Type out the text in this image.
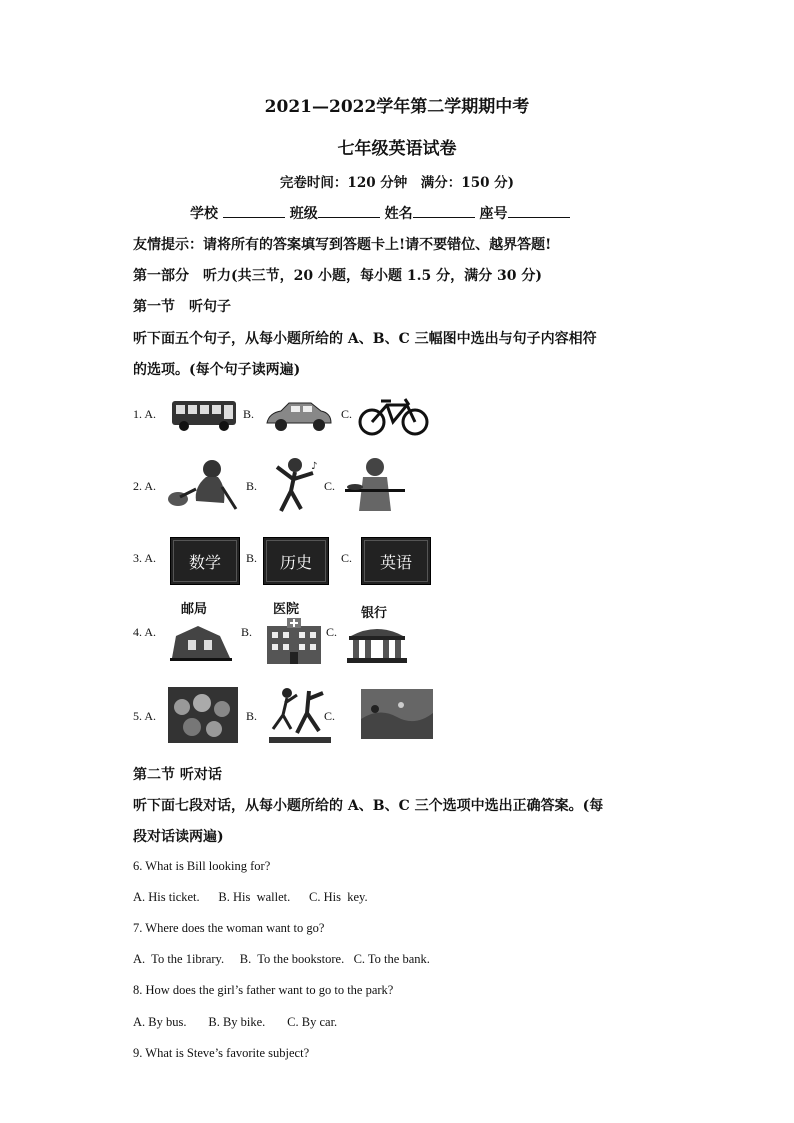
2021—2022学年第二学期期中考
七年级英语试卷
完卷时间：120 分钟　满分：150 分)
学校	班级	姓名	座号
友情提示：请将所有的答案填写到答题卡上!请不要错位、越界答题!
第一部分　听力(共三节，20 小题，每小题 1.5 分，满分 30 分)
第一节　听句子
听下面五个句子，从每小题所给的 A、B、C 三幅图中选出与句子内容相符
的选项。(每个句子读两遍)
1. A.	B.	C.
2. A.	B.
♪
C.
3. A. 数学 B. 历史 C. 英语
邮局	医院	银行
4. A.	B.	C.
5. A.	B.	C.
第二节 听对话
听下面七段对话，从每小题所给的 A、B、C 三个选项中选出正确答案。(每
段对话读两遍)
6. What is Bill looking for?
A. His ticket.      B. His  wallet.      C. His  key.
7. Where does the woman want to go?
A.  To the 1ibrary.     B.  To the bookstore.   C. To the bank.
8. How does the girl’s father want to go to the park?
A. By bus.       B. By bike.       C. By car.
9. What is Steve’s favorite subject?
